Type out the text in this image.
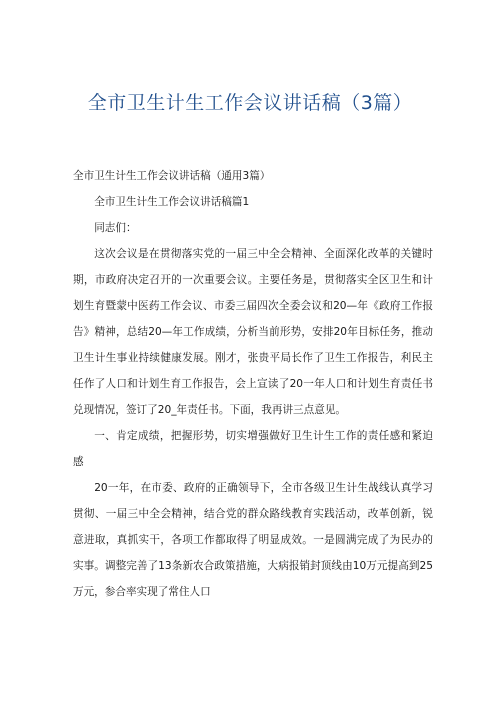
全市卫生计生工作会议讲话稿（3篇）

全市卫生计生工作会议讲话稿（通用3篇）

全市卫生计生工作会议讲话稿篇1

同志们：

这次会议是在贯彻落实党的一届三中全会精神、全面深化改革的关键时期，市政府决定召开的一次重要会议。主要任务是，贯彻落实全区卫生和计划生育暨蒙中医药工作会议、市委三届四次全委会议和20—年《政府工作报告》精神，总结20—年工作成绩，分析当前形势，安排20年目标任务，推动卫生计生事业持续健康发展。刚才，张贵平局长作了卫生工作报告，利民主任作了人口和计划生育工作报告，会上宣读了20一年人口和计划生育责任书兑现情况，签订了20_年责任书。下面，我再讲三点意见。

一、肯定成绩，把握形势，切实增强做好卫生计生工作的责任感和紧迫感

20一年，在市委、政府的正确领导下，全市各级卫生计生战线认真学习贯彻、一届三中全会精神，结合党的群众路线教育实践活动，改革创新，锐意进取，真抓实干，各项工作都取得了明显成效。一是圆满完成了为民办的实事。调整完善了13条新农合政策措施，大病报销封顶线由10万元提高到25万元，参合率实现了常住人口
